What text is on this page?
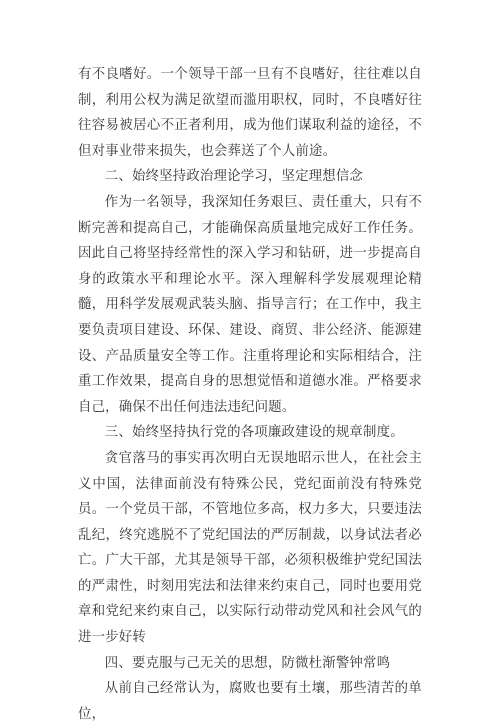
有不良嗜好。一个领导干部一旦有不良嗜好，往往难以自制，利用公权为满足欲望而滥用职权，同时，不良嗜好往往容易被居心不正者利用，成为他们谋取利益的途径，不但对事业带来损失，也会葬送了个人前途。

二、始终坚持政治理论学习，坚定理想信念

作为一名领导，我深知任务艰巨、责任重大，只有不断完善和提高自己，才能确保高质量地完成好工作任务。因此自己将坚持经常性的深入学习和钻研，进一步提高自身的政策水平和理论水平。深入理解科学发展观理论精髓，用科学发展观武装头脑、指导言行；在工作中，我主要负责项目建设、环保、建设、商贸、非公经济、能源建设、产品质量安全等工作。注重将理论和实际相结合，注重工作效果，提高自身的思想觉悟和道德水准。严格要求自己，确保不出任何违法违纪问题。

三、始终坚持执行党的各项廉政建设的规章制度。

贪官落马的事实再次明白无误地昭示世人，在社会主义中国，法律面前没有特殊公民，党纪面前没有特殊党员。一个党员干部，不管地位多高，权力多大，只要违法乱纪，终究逃脱不了党纪国法的严厉制裁，以身试法者必亡。广大干部，尤其是领导干部，必须积极维护党纪国法的严肃性，时刻用宪法和法律来约束自己，同时也要用党章和党纪来约束自己，以实际行动带动党风和社会风气的进一步好转

四、要克服与己无关的思想，防微杜渐警钟常鸣

从前自己经常认为，腐败也要有土壤，那些清苦的单位，
